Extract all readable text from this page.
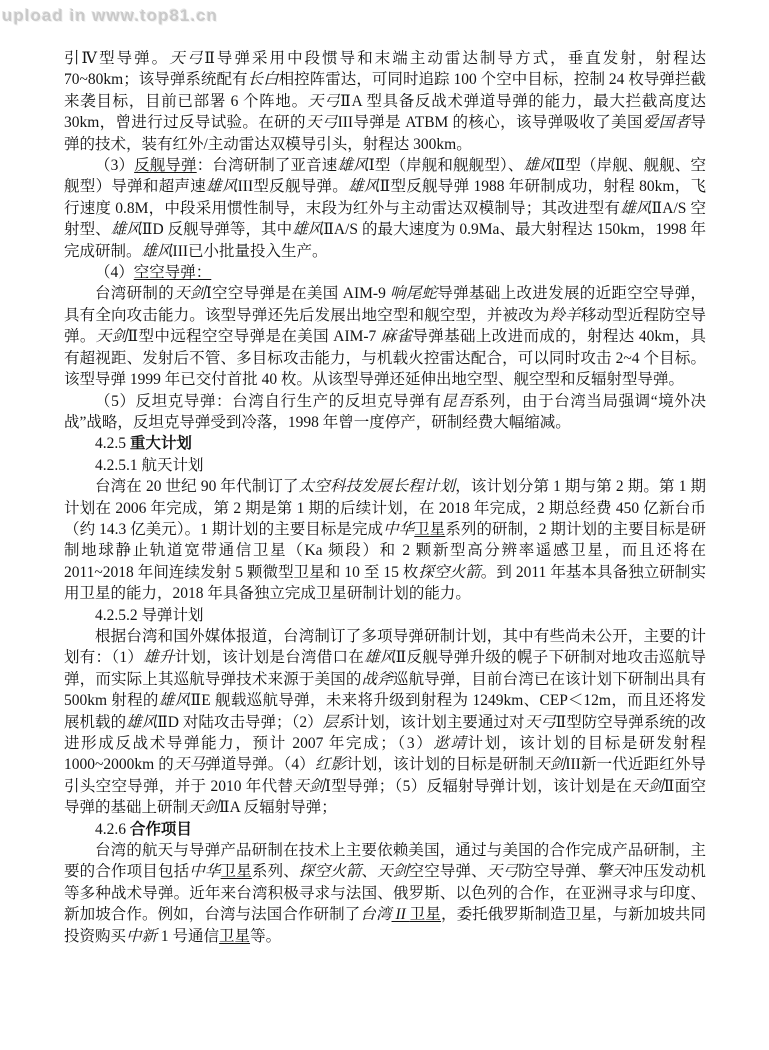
upload in www.top81.cn

引Ⅳ型导弹。天弓Ⅱ导弹采用中段惯导和末端主动雷达制导方式，垂直发射，射程达 70~80km；该导弹系统配有长白相控阵雷达，可同时追踪 100 个空中目标，控制 24 枚导弹拦截来袭目标，目前已部署 6 个阵地。天弓ⅡA 型具备反战术弹道导弹的能力，最大拦截高度达 30km，曾进行过反导试验。在研的天弓III导弹是 ATBM 的核心，该导弹吸收了美国爱国者导弹的技术，装有红外/主动雷达双模导引头，射程达 300km。

（3）反舰导弹：台湾研制了亚音速雄风Ⅰ型（岸舰和舰舰型）、雄风Ⅱ型（岸舰、舰舰、空舰型）导弹和超声速雄风III型反舰导弹。雄风Ⅱ型反舰导弹 1988 年研制成功，射程 80km，飞行速度 0.8M，中段采用惯性制导，末段为红外与主动雷达双模制导；其改进型有雄风ⅡA/S 空射型、雄风ⅡD 反舰导弹等，其中雄风ⅡA/S 的最大速度为 0.9Ma、最大射程达 150km，1998 年完成研制。雄风III已小批量投入生产。

（4）空空导弹：

台湾研制的天剑Ⅰ空空导弹是在美国 AIM-9 响尾蛇导弹基础上改进发展的近距空空导弹，具有全向攻击能力。该型导弹还先后发展出地空型和舰空型，并被改为羚羊移动型近程防空导弹。天剑Ⅱ型中远程空空导弹是在美国 AIM-7 麻雀导弹基础上改进而成的，射程达 40km，具有超视距、发射后不管、多目标攻击能力，与机载火控雷达配合，可以同时攻击 2~4 个目标。该型导弹 1999 年已交付首批 40 枚。从该型导弹还延伸出地空型、舰空型和反辐射型导弹。

（5）反坦克导弹：台湾自行生产的反坦克导弹有昆吾系列，由于台湾当局强调“境外决战”战略，反坦克导弹受到冷落，1998 年曾一度停产，研制经费大幅缩减。

4.2.5 重大计划

4.2.5.1 航天计划

台湾在 20 世纪 90 年代制订了太空科技发展长程计划，该计划分第 1 期与第 2 期。第 1 期计划在 2006 年完成，第 2 期是第 1 期的后续计划，在 2018 年完成，2 期总经费 450 亿新台币（约 14.3 亿美元）。1 期计划的主要目标是完成中华卫星系列的研制，2 期计划的主要目标是研制地球静止轨道宽带通信卫星（Ka 频段）和 2 颗新型高分辨率遥感卫星，而且还将在 2011~2018 年间连续发射 5 颗微型卫星和 10 至 15 枚探空火箭。到 2011 年基本具备独立研制实用卫星的能力，2018 年具备独立完成卫星研制计划的能力。

4.2.5.2 导弹计划

根据台湾和国外媒体报道，台湾制订了多项导弹研制计划，其中有些尚未公开，主要的计划有：（1）雄升计划，该计划是台湾借口在雄风Ⅱ反舰导弹升级的幌子下研制对地攻击巡航导弹，而实际上其巡航导弹技术来源于美国的战斧巡航导弹，目前台湾已在该计划下研制出具有 500km 射程的雄风ⅡE 舰载巡航导弹，未来将升级到射程为 1249km、CEP＜12m，而且还将发展机载的雄风ⅡD 对陆攻击导弹；（2）层系计划，该计划主要通过对天弓Ⅱ型防空导弹系统的改进形成反战术导弹能力，预计 2007 年完成；（3）逖靖计划，该计划的目标是研发射程 1000~2000km 的天马弹道导弹。（4）红影计划，该计划的目标是研制天剑III新一代近距红外导引头空空导弹，并于 2010 年代替天剑Ⅰ型导弹；（5）反辐射导弹计划，该计划是在天剑Ⅱ面空导弹的基础上研制天剑ⅡA 反辐射导弹；

4.2.6 合作项目

台湾的航天与导弹产品研制在技术上主要依赖美国，通过与美国的合作完成产品研制，主要的合作项目包括中华卫星系列、探空火箭、天剑空空导弹、天弓防空导弹、擎天冲压发动机等多种战术导弹。近年来台湾积极寻求与法国、俄罗斯、以色列的合作，在亚洲寻求与印度、新加坡合作。例如，台湾与法国合作研制了台湾 II 卫星，委托俄罗斯制造卫星，与新加坡共同投资购买中新 1 号通信卫星等。
